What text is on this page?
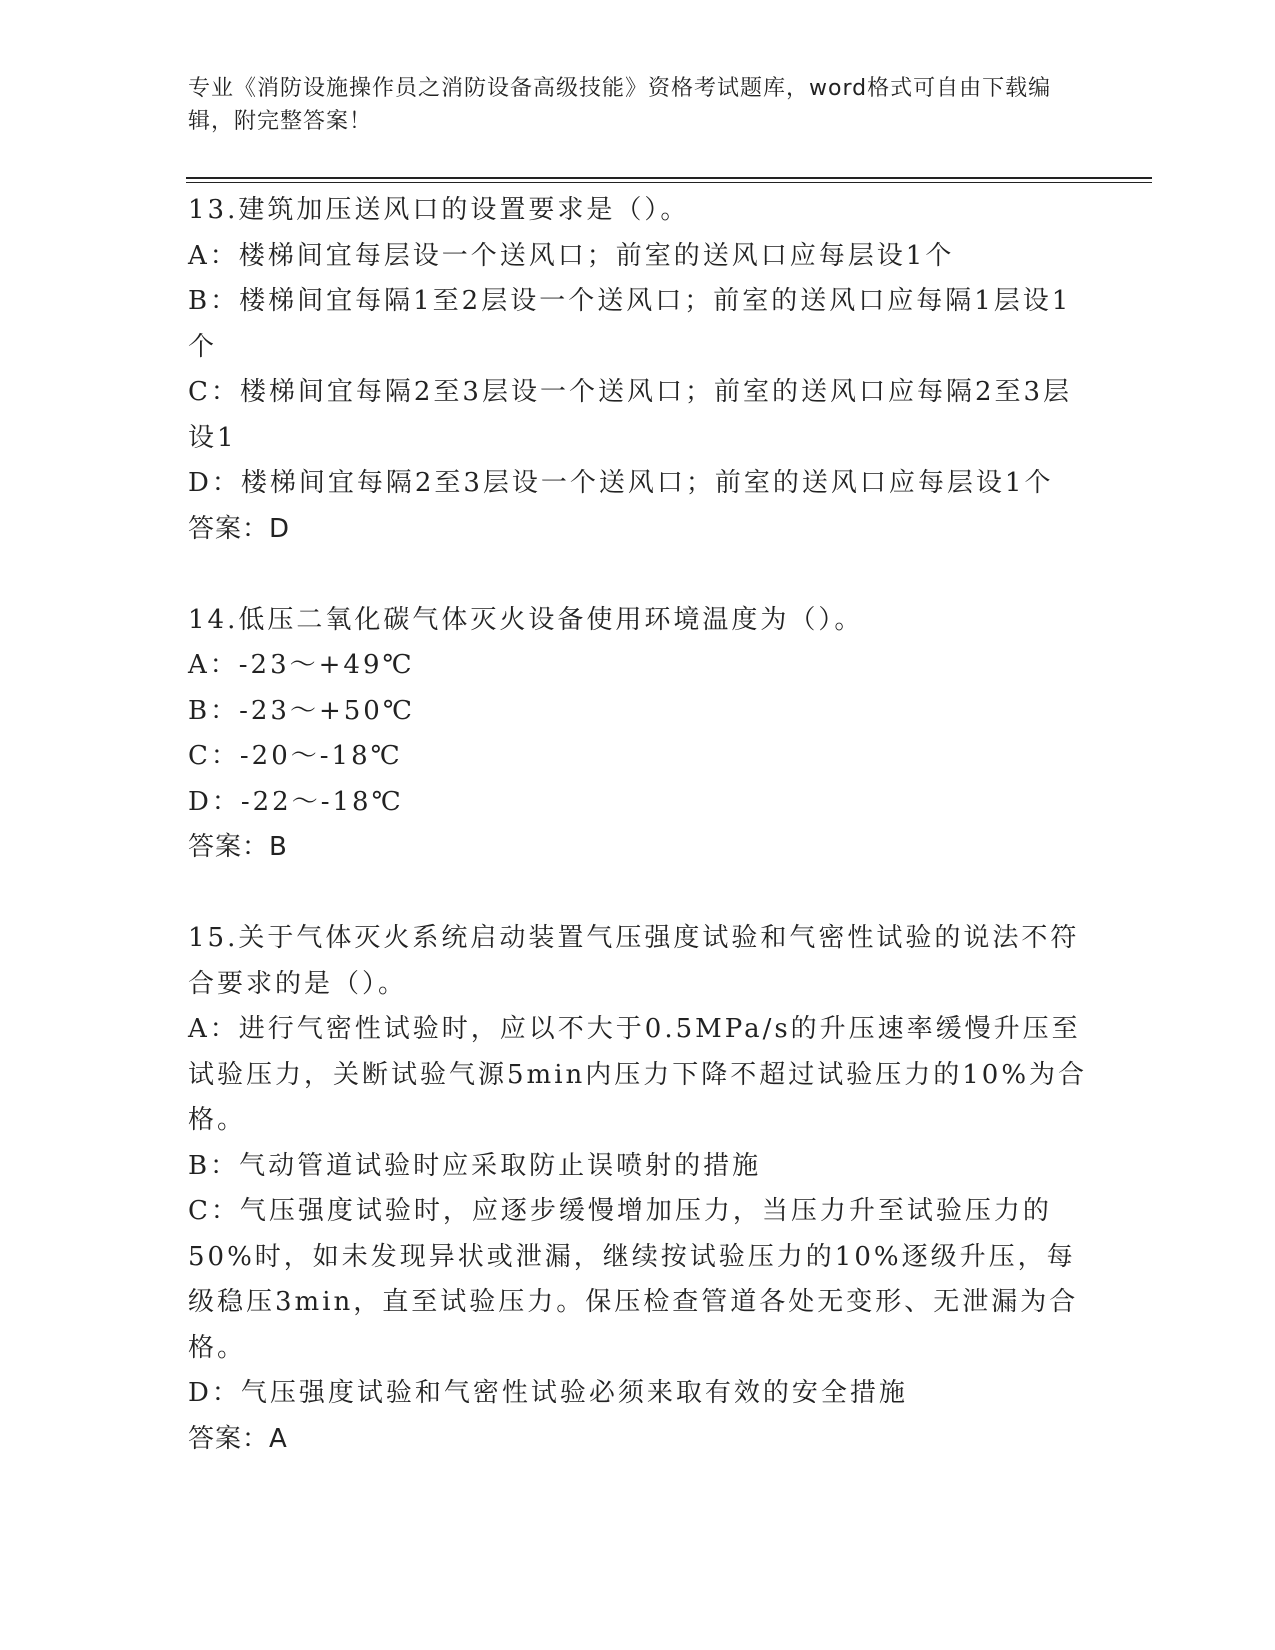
专业《消防设施操作员之消防设备高级技能》资格考试题库，word格式可自由下载编辑，附完整答案！

13.建筑加压送风口的设置要求是（）。

A：楼梯间宜每层设一个送风口；前室的送风口应每层设1个

B：楼梯间宜每隔1至2层设一个送风口；前室的送风口应每隔1层设1个

C：楼梯间宜每隔2至3层设一个送风口；前室的送风口应每隔2至3层设1

D：楼梯间宜每隔2至3层设一个送风口；前室的送风口应每层设1个

答案：D

14.低压二氧化碳气体灭火设备使用环境温度为（）。

A：-23～+49℃

B：-23～+50℃

C：-20～-18℃

D：-22～-18℃

答案：B

15.关于气体灭火系统启动装置气压强度试验和气密性试验的说法不符合要求的是（）。

A：进行气密性试验时，应以不大于0.5MPa/s的升压速率缓慢升压至试验压力，关断试验气源5min内压力下降不超过试验压力的10%为合格。

B：气动管道试验时应采取防止误喷射的措施

C：气压强度试验时，应逐步缓慢增加压力，当压力升至试验压力的50%时，如未发现异状或泄漏，继续按试验压力的10%逐级升压，每级稳压3min，直至试验压力。保压检查管道各处无变形、无泄漏为合格。

D：气压强度试验和气密性试验必须来取有效的安全措施

答案：A
